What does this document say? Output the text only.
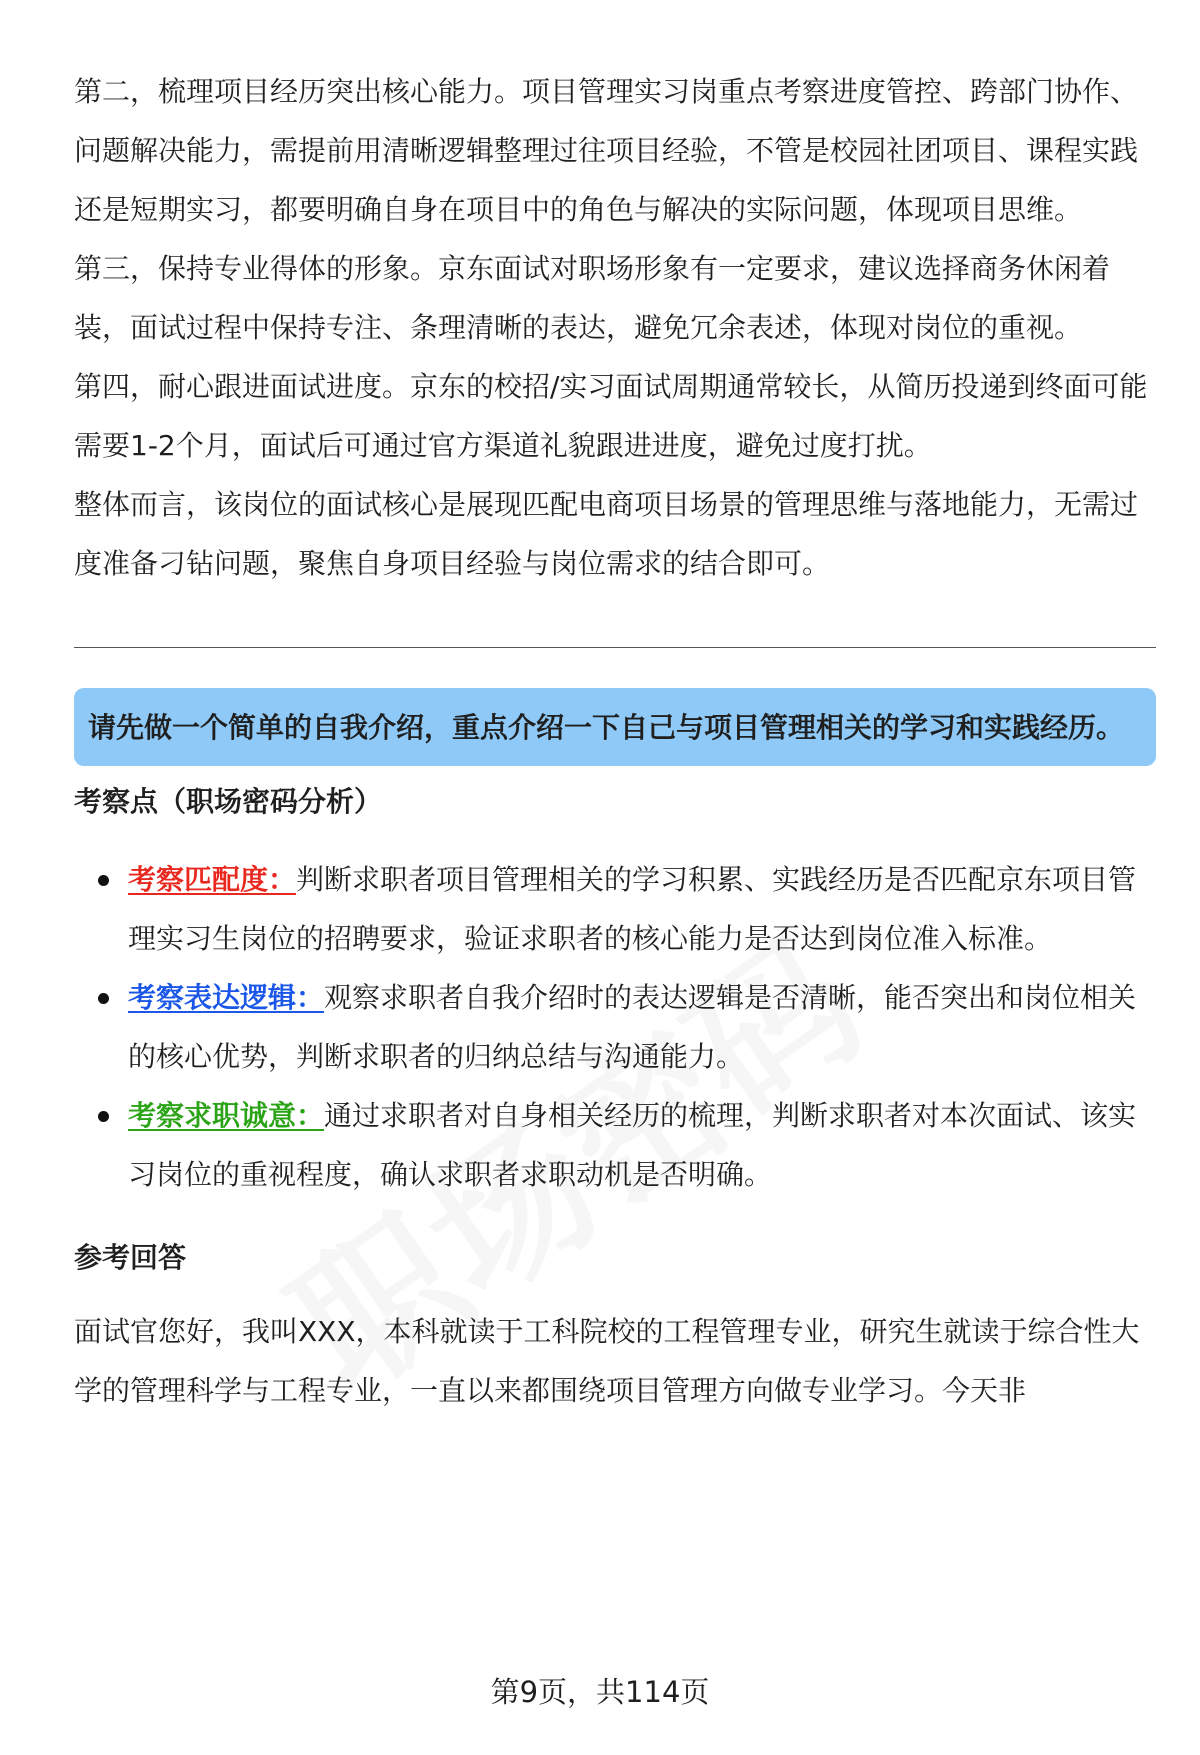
第二，梳理项目经历突出核心能力。项目管理实习岗重点考察进度管控、跨部门协作、问题解决能力，需提前用清晰逻辑整理过往项目经验，不管是校园社团项目、课程实践还是短期实习，都要明确自身在项目中的角色与解决的实际问题，体现项目思维。

第三，保持专业得体的形象。京东面试对职场形象有一定要求，建议选择商务休闲着装，面试过程中保持专注、条理清晰的表达，避免冗余表述，体现对岗位的重视。

第四，耐心跟进面试进度。京东的校招/实习面试周期通常较长，从简历投递到终面可能需要1-2个月，面试后可通过官方渠道礼貌跟进进度，避免过度打扰。

整体而言，该岗位的面试核心是展现匹配电商项目场景的管理思维与落地能力，无需过度准备刁钻问题，聚焦自身项目经验与岗位需求的结合即可。

请先做一个简单的自我介绍，重点介绍一下自己与项目管理相关的学习和实践经历。
考察点（职场密码分析）
考察匹配度：判断求职者项目管理相关的学习积累、实践经历是否匹配京东项目管理实习生岗位的招聘要求，验证求职者的核心能力是否达到岗位准入标准。
考察表达逻辑：观察求职者自我介绍时的表达逻辑是否清晰，能否突出和岗位相关的核心优势，判断求职者的归纳总结与沟通能力。
考察求职诚意：通过求职者对自身相关经历的梳理，判断求职者对本次面试、该实习岗位的重视程度，确认求职者求职动机是否明确。
参考回答

面试官您好，我叫XXX，本科就读于工科院校的工程管理专业，研究生就读于综合性大学的管理科学与工程专业，一直以来都围绕项目管理方向做专业学习。今天非

第9页，共114页
